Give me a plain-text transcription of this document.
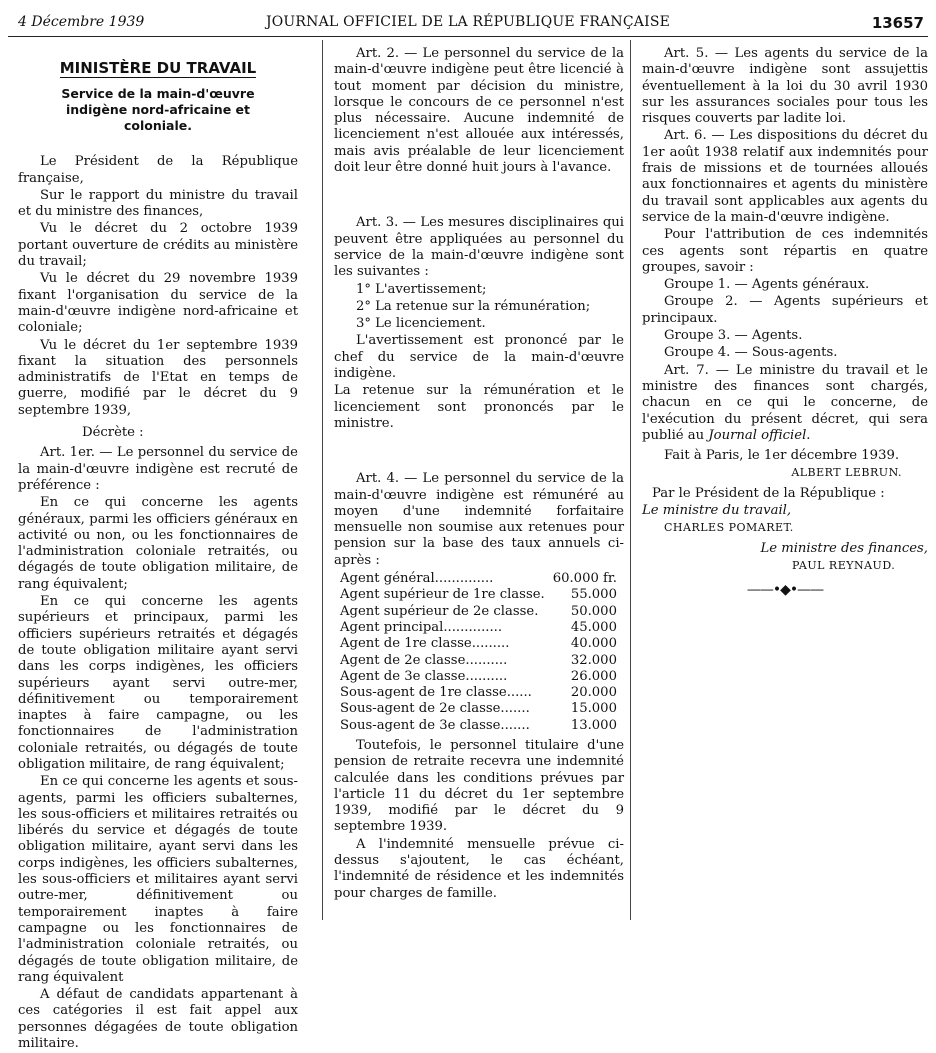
4 Décembre 1939	JOURNAL OFFICIEL DE LA RÉPUBLIQUE FRANÇAISE	13657
MINISTÈRE DU TRAVAIL
Service de la main-d'œuvre indigène nord-africaine et coloniale.

Le Président de la République française,

Sur le rapport du ministre du travail et du ministre des finances,

Vu le décret du 2 octobre 1939 portant ouverture de crédits au ministère du travail;

Vu le décret du 29 novembre 1939 fixant l'organisation du service de la main-d'œuvre indigène nord-africaine et coloniale;

Vu le décret du 1er septembre 1939 fixant la situation des personnels administratifs de l'Etat en temps de guerre, modifié par le décret du 9 septembre 1939,

Décrète :

Art. 1er. — Le personnel du service de la main-d'œuvre indigène est recruté de préférence :

En ce qui concerne les agents généraux, parmi les officiers généraux en activité ou non, ou les fonctionnaires de l'administration coloniale retraités, ou dégagés de toute obligation militaire, de rang équivalent;

En ce qui concerne les agents supérieurs et principaux, parmi les officiers supérieurs retraités et dégagés de toute obligation militaire ayant servi dans les corps indigènes, les officiers supérieurs ayant servi outre-mer, définitivement ou temporairement inaptes à faire campagne, ou les fonctionnaires de l'administration coloniale retraités, ou dégagés de toute obligation militaire, de rang équivalent;

En ce qui concerne les agents et sous-agents, parmi les officiers subalternes, les sous-officiers et militaires retraités ou libérés du service et dégagés de toute obligation militaire, ayant servi dans les corps indigènes, les officiers subalternes, les sous-officiers et militaires ayant servi outre-mer, définitivement ou temporairement inaptes à faire campagne ou les fonctionnaires de l'administration coloniale retraités, ou dégagés de toute obligation militaire, de rang équivalent

A défaut de candidats appartenant à ces catégories il est fait appel aux personnes dégagées de toute obligation militaire.

Art. 2. — Le personnel du service de la main-d'œuvre indigène peut être licencié à tout moment par décision du ministre, lorsque le concours de ce personnel n'est plus nécessaire. Aucune indemnité de licenciement n'est allouée aux intéressés, mais avis préalable de leur licenciement doit leur être donné huit jours à l'avance.

Art. 3. — Les mesures disciplinaires qui peuvent être appliquées au personnel du service de la main-d'œuvre indigène sont les suivantes :

1° L'avertissement;

2° La retenue sur la rémunération;

3° Le licenciement.

L'avertissement est prononcé par le chef du service de la main-d'œuvre indigène.

La retenue sur la rémunération et le licenciement sont prononcés par le ministre.

Art. 4. — Le personnel du service de la main-d'œuvre indigène est rémunéré au moyen d'une indemnité forfaitaire mensuelle non soumise aux retenues pour pension sur la base des taux annuels ci-après :

Agent général..............	60.000 fr.
Agent supérieur de 1re classe.	55.000
Agent supérieur de 2e classe.	50.000
Agent principal..............	45.000
Agent de 1re classe.........	40.000
Agent de 2e classe..........	32.000
Agent de 3e classe..........	26.000
Sous-agent de 1re classe......	20.000
Sous-agent de 2e classe.......	15.000
Sous-agent de 3e classe.......	13.000

Toutefois, le personnel titulaire d'une pension de retraite recevra une indemnité calculée dans les conditions prévues par l'article 11 du décret du 1er septembre 1939, modifié par le décret du 9 septembre 1939.

A l'indemnité mensuelle prévue ci-dessus s'ajoutent, le cas échéant, l'indemnité de résidence et les indemnités pour charges de famille.

Art. 5. — Les agents du service de la main-d'œuvre indigène sont assujettis éventuellement à la loi du 30 avril 1930 sur les assurances sociales pour tous les risques couverts par ladite loi.

Art. 6. — Les dispositions du décret du 1er août 1938 relatif aux indemnités pour frais de missions et de tournées alloués aux fonctionnaires et agents du ministère du travail sont applicables aux agents du service de la main-d'œuvre indigène.

Pour l'attribution de ces indemnités ces agents sont répartis en quatre groupes, savoir :

Groupe 1. — Agents généraux.

Groupe 2. — Agents supérieurs et principaux.

Groupe 3. — Agents.

Groupe 4. — Sous-agents.

Art. 7. — Le ministre du travail et le ministre des finances sont chargés, chacun en ce qui le concerne, de l'exécution du présent décret, qui sera publié au Journal officiel.

Fait à Paris, le 1er décembre 1939.

ALBERT LEBRUN.

Par le Président de la République :

Le ministre du travail,

CHARLES POMARET.

Le ministre des finances,

PAUL REYNAUD.

——•◆•——
